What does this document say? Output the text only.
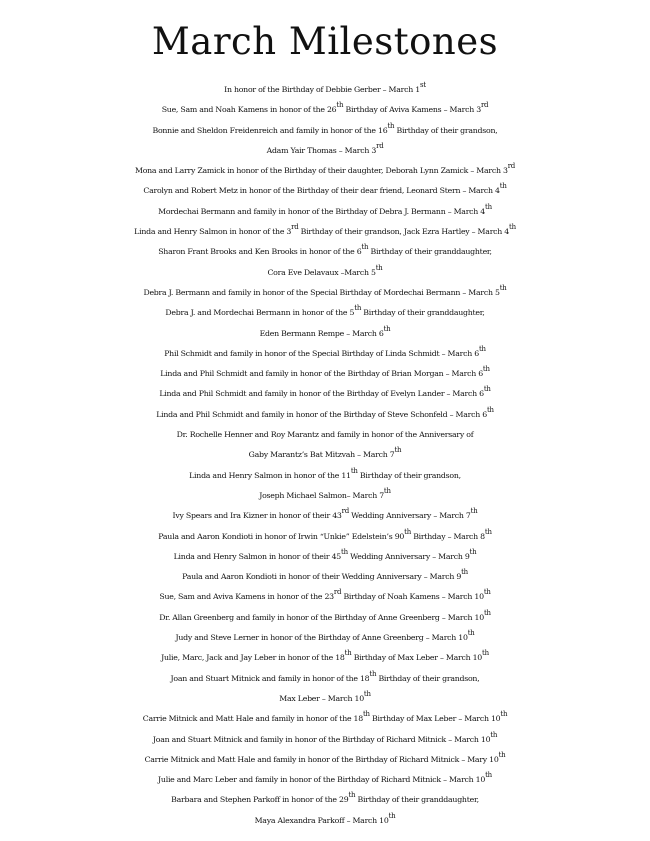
March Milestones
In honor of the Birthday of Debbie Gerber – March 1st
Sue, Sam and Noah Kamens in honor of the 26th Birthday of Aviva Kamens – March 3rd
Bonnie and Sheldon Freidenreich and family in honor of the 16th Birthday of their grandson,
Adam Yair Thomas – March 3rd
Mona and Larry Zamick in honor of the Birthday of their daughter, Deborah Lynn Zamick – March 3rd
Carolyn and Robert Metz in honor of the Birthday of their dear friend, Leonard Stern – March 4th
Mordechai Bermann and family in honor of the Birthday of Debra J. Bermann – March 4th
Linda and Henry Salmon in honor of the 3rd Birthday of their grandson, Jack Ezra Hartley – March 4th
Sharon Frant Brooks and Ken Brooks in honor of the 6th Birthday of their granddaughter,
Cora Eve Delavaux –March 5th
Debra J. Bermann and family in honor of the Special Birthday of Mordechai Bermann – March 5th
Debra J. and Mordechai Bermann in honor of the 5th Birthday of their granddaughter,
Eden Bermann Rempe – March 6th
Phil Schmidt and family in honor of the Special Birthday of Linda Schmidt – March 6th
Linda and Phil Schmidt and family in honor of the Birthday of Brian Morgan – March 6th
Linda and Phil Schmidt and family in honor of the Birthday of Evelyn Lander – March 6th
Linda and Phil Schmidt and family in honor of the Birthday of Steve Schonfeld – March 6th
Dr. Rochelle Henner and Roy Marantz and family in honor of the Anniversary of
Gaby Marantz’s Bat Mitzvah – March 7th
Linda and Henry Salmon in honor of the 11th Birthday of their grandson,
Joseph Michael Salmon– March 7th
Ivy Spears and Ira Kizner in honor of their 43rd Wedding Anniversary – March 7th
Paula and Aaron Kondioti in honor of Irwin “Unkie” Edelstein’s 90th Birthday – March 8th
Linda and Henry Salmon in honor of their 45th Wedding Anniversary – March 9th
Paula and Aaron Kondioti in honor of their Wedding Anniversary – March 9th
Sue, Sam and Aviva Kamens in honor of the 23rd Birthday of Noah Kamens – March 10th
Dr. Allan Greenberg and family in honor of the Birthday of Anne Greenberg – March 10th
Judy and Steve Lerner in honor of the Birthday of Anne Greenberg – March 10th
Julie, Marc, Jack and Jay Leber in honor of the 18th Birthday of Max Leber – March 10th
Joan and Stuart Mitnick and family in honor of the 18th Birthday of their grandson,
Max Leber – March 10th
Carrie Mitnick and Matt Hale and family in honor of the 18th Birthday of Max Leber – March 10th
Joan and Stuart Mitnick and family in honor of the Birthday of Richard Mitnick – March 10th
Carrie Mitnick and Matt Hale and family in honor of the Birthday of Richard Mitnick – Mary 10th
Julie and Marc Leber and family in honor of the Birthday of Richard Mitnick – March 10th
Barbara and Stephen Parkoff in honor of the 29th Birthday of their granddaughter,
Maya Alexandra Parkoff – March 10th
